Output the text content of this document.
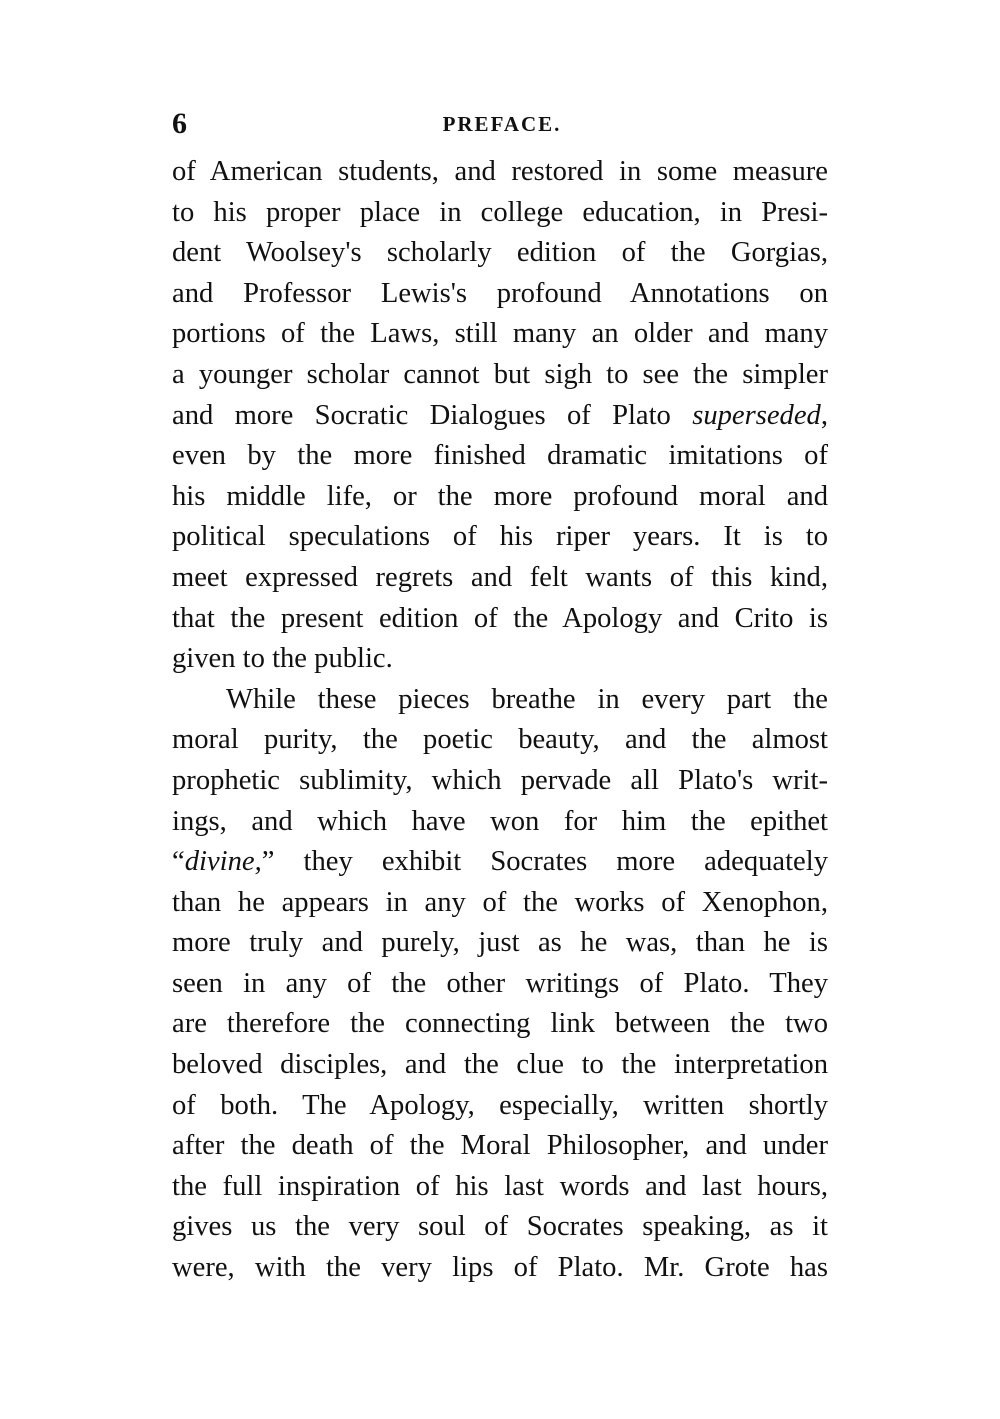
6	PREFACE.
of American students, and restored in some measure
to his proper place in college education, in Presi-
dent Woolsey's scholarly edition of the Gorgias,
and Professor Lewis's profound Annotations on
portions of the Laws, still many an older and many
a younger scholar cannot but sigh to see the simpler
and more Socratic Dialogues of Plato superseded,
even by the more finished dramatic imitations of
his middle life, or the more profound moral and
political speculations of his riper years. It is to
meet expressed regrets and felt wants of this kind,
that the present edition of the Apology and Crito is
given to the public.
While these pieces breathe in every part the
moral purity, the poetic beauty, and the almost
prophetic sublimity, which pervade all Plato's writ-
ings, and which have won for him the epithet
“divine,” they exhibit Socrates more adequately
than he appears in any of the works of Xenophon,
more truly and purely, just as he was, than he is
seen in any of the other writings of Plato. They
are therefore the connecting link between the two
beloved disciples, and the clue to the interpretation
of both. The Apology, especially, written shortly
after the death of the Moral Philosopher, and under
the full inspiration of his last words and last hours,
gives us the very soul of Socrates speaking, as it
were, with the very lips of Plato. Mr. Grote has
